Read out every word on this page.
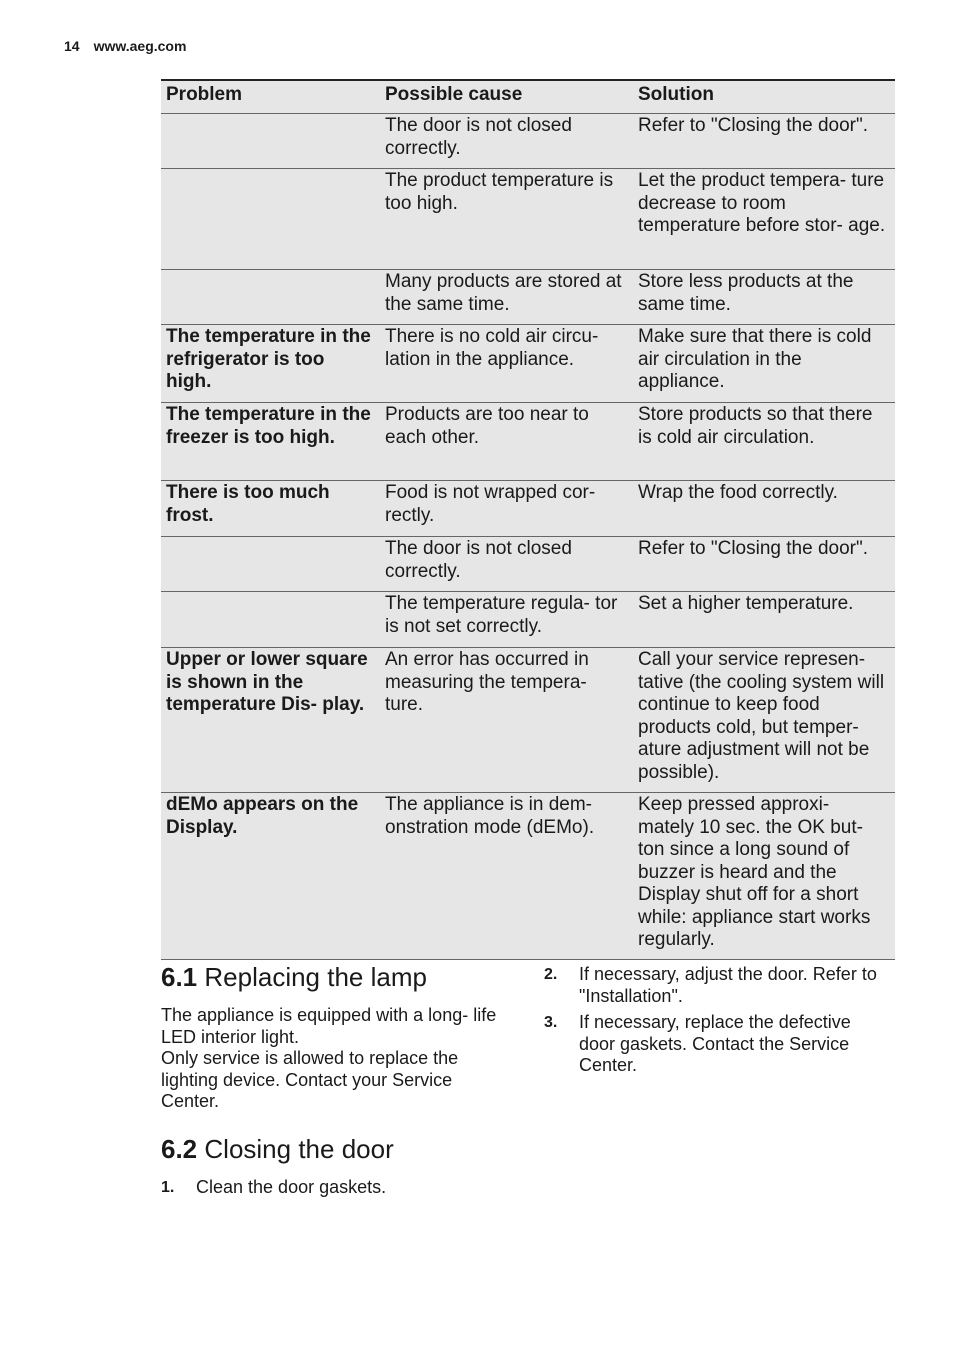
14 www.aeg.com
Problem	Possible cause	Solution
	The door is not closed correctly.	Refer to "Closing the door".
	The product temperature is too high.	Let the product tempera- ture decrease to room temperature before stor- age.
	Many products are stored at the same time.	Store less products at the same time.
The temperature in the refrigerator is too high.	There is no cold air circu- lation in the appliance.	Make sure that there is cold air circulation in the appliance.
The temperature in the freezer is too high.	Products are too near to each other.	Store products so that there is cold air circulation.
There is too much frost.	Food is not wrapped cor- rectly.	Wrap the food correctly.
	The door is not closed correctly.	Refer to "Closing the door".
	The temperature regula- tor is not set correctly.	Set a higher temperature.
Upper or lower square is shown in the temperature Dis- play.	An error has occurred in measuring the tempera- ture.	Call your service represen- tative (the cooling system will continue to keep food products cold, but temper- ature adjustment will not be possible).
dEMo appears on the Display.	The appliance is in dem- onstration mode (dEMo).	Keep pressed approxi- mately 10 sec. the OK but- ton since a long sound of buzzer is heard and the Display shut off for a short while: appliance start works regularly.
6.1 Replacing the lamp
The appliance is equipped with a long- life LED interior light.
Only service is allowed to replace the lighting device. Contact your Service Center.
6.2 Closing the door
1. Clean the door gaskets.
2. If necessary, adjust the door. Refer to "Installation".
3. If necessary, replace the defective door gaskets. Contact the Service Center.
